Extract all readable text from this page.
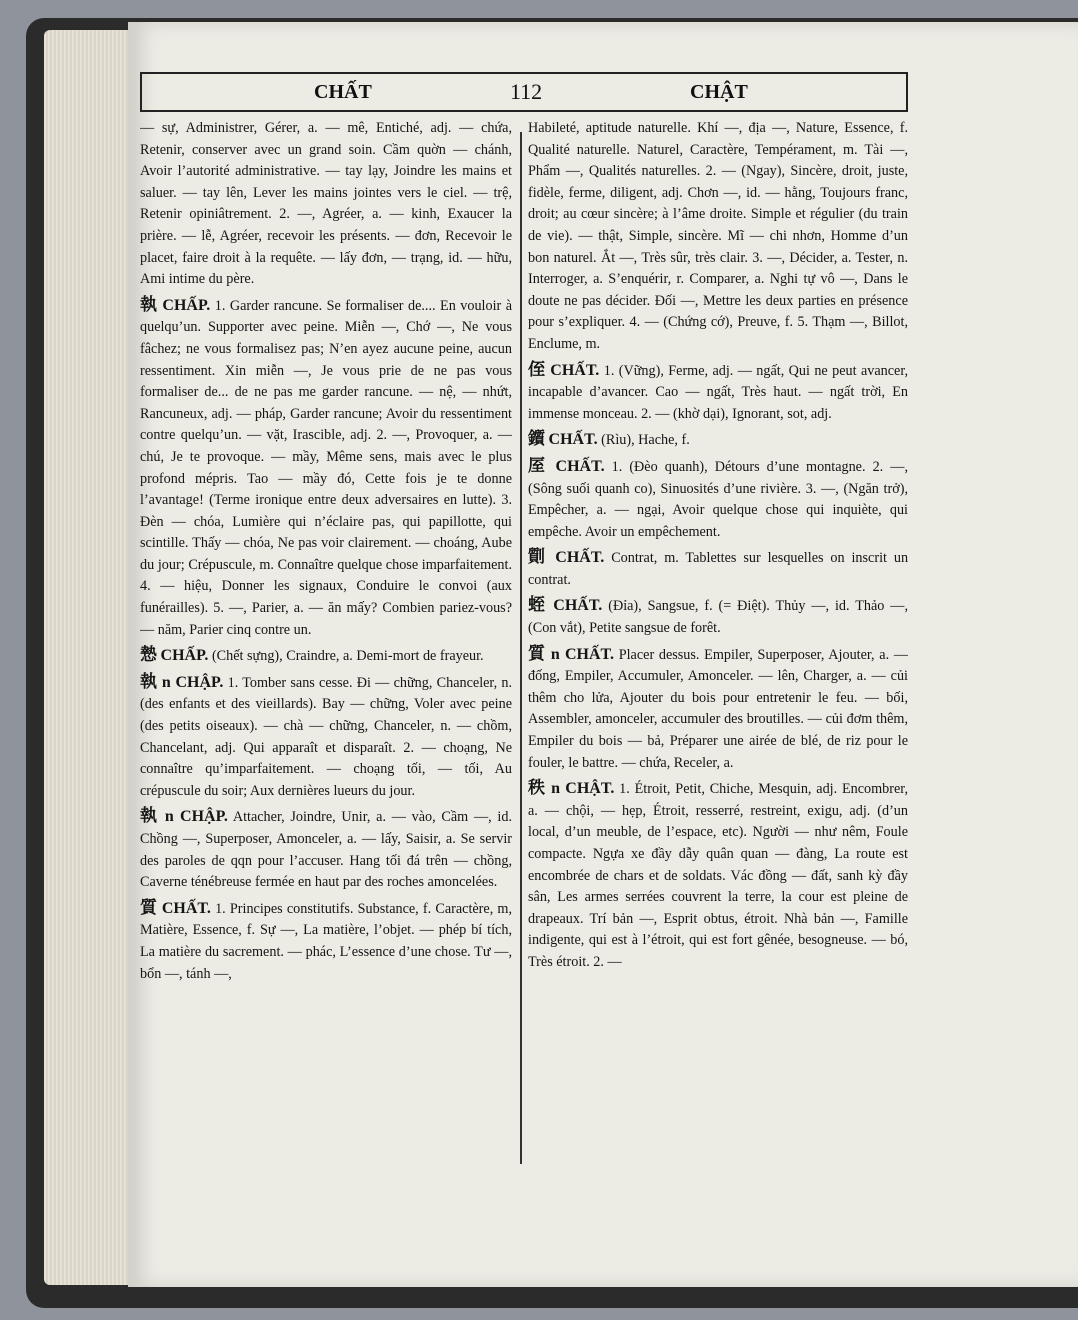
CHẤT	112	CHẬT

— sự, Administrer, Gérer, a. — mê, Entiché, adj. — chứa, Retenir, conserver avec un grand soin. Cầm quờn — chánh, Avoir l’autorité administrative. — tay lạy, Joindre les mains et saluer. — tay lên, Lever les mains jointes vers le ciel. — trệ, Retenir opiniâtrement. 2. —, Agréer, a. — kinh, Exaucer la prière. — lễ, Agréer, recevoir les présents. — đơn, Recevoir le placet, faire droit à la requête. — lấy đơn, — trạng, id. — hữu, Ami intime du père.

執 CHẤP. 1. Garder rancune. Se formaliser de.... En vouloir à quelqu’un. Supporter avec peine. Miễn —, Chớ —, Ne vous fâchez; ne vous formalisez pas; N’en ayez aucune peine, aucun ressentiment. Xin miễn —, Je vous prie de ne pas vous formaliser de... de ne pas me garder rancune. — nệ, — nhứt, Rancuneux, adj. — pháp, Garder rancune; Avoir du ressentiment contre quelqu’un. — vặt, Irascible, adj. 2. —, Provoquer, a. — chú, Je te provoque. — mầy, Même sens, mais avec le plus profond mépris. Tao — mầy đó, Cette fois je te donne l’avantage! (Terme ironique entre deux adversaires en lutte). 3. Đèn — chóa, Lumière qui n’éclaire pas, qui papillotte, qui scintille. Thấy — chóa, Ne pas voir clairement. — choáng, Aube du jour; Crépuscule, m. Connaître quelque chose imparfaitement. 4. — hiệu, Donner les signaux, Conduire le convoi (aux funérailles). 5. —, Parier, a. — ăn mấy? Combien pariez-vous? — năm, Parier cinq contre un.

慹 CHẤP. (Chết sựng), Craindre, a. Demi-mort de frayeur.

執 n CHẬP. 1. Tomber sans cesse. Đi — chững, Chanceler, n. (des enfants et des vieillards). Bay — chững, Voler avec peine (des petits oiseaux). — chà — chững, Chanceler, n. — chồm, Chancelant, adj. Qui apparaît et disparaît. 2. — choạng, Ne connaître qu’imparfaitement. — choạng tối, — tối, Au crépuscule du soir; Aux dernières lueurs du jour.

執 n CHẬP. Attacher, Joindre, Unir, a. — vào, Cầm —, id. Chồng —, Superposer, Amonceler, a. — lấy, Saisir, a. Se servir des paroles de qqn pour l’accuser. Hang tối đá trên — chồng, Caverne ténébreuse fermée en haut par des roches amoncelées.

質 CHẤT. 1. Principes constitutifs. Substance, f. Caractère, m, Matière, Essence, f. Sự —, La matière, l’objet. — phép bí tích, La matière du sacrement. — phác, L’essence d’une chose. Tư —, bổn —, tánh —,

Habileté, aptitude naturelle. Khí —, địa —, Nature, Essence, f. Qualité naturelle. Naturel, Caractère, Tempérament, m. Tài —, Phẩm —, Qualités naturelles. 2. — (Ngay), Sincère, droit, juste, fidèle, ferme, diligent, adj. Chơn —, id. — hằng, Toujours franc, droit; au cœur sincère; à l’âme droite. Simple et régulier (du train de vie). — thật, Simple, sincère. Mĩ — chi nhơn, Homme d’un bon naturel. Ắt —, Très sûr, très clair. 3. —, Décider, a. Tester, n. Interroger, a. S’enquérir, r. Comparer, a. Nghi tự vô —, Dans le doute ne pas décider. Đối —, Mettre les deux parties en présence pour s’expliquer. 4. — (Chứng cớ), Preuve, f. 5. Thạm —, Billot, Enclume, m.

侄 CHẤT. 1. (Vững), Ferme, adj. — ngất, Qui ne peut avancer, incapable d’avancer. Cao — ngất, Très haut. — ngất trời, En immense monceau. 2. — (khờ dại), Ignorant, sot, adj.

鑕 CHẤT. (Rìu), Hache, f.

厔 CHẤT. 1. (Đèo quanh), Détours d’une montagne. 2. —, (Sông suối quanh co), Sinuosités d’une rivière. 3. —, (Ngăn trở), Empêcher, a. — ngại, Avoir quelque chose qui inquiète, qui empêche. Avoir un empêchement.

劕 CHẤT. Contrat, m. Tablettes sur lesquelles on inscrit un contrat.

蛭 CHẤT. (Đỉa), Sangsue, f. (= Điệt). Thủy —, id. Thảo —, (Con vắt), Petite sangsue de forêt.

質 n CHẤT. Placer dessus. Empiler, Superposer, Ajouter, a. — đống, Empiler, Accumuler, Amonceler. — lên, Charger, a. — củi thêm cho lửa, Ajouter du bois pour entretenir le feu. — bối, Assembler, amonceler, accumuler des broutilles. — củi đơm thêm, Empiler du bois — bả, Préparer une airée de blé, de riz pour le fouler, le battre. — chứa, Receler, a.

秩 n CHẬT. 1. Étroit, Petit, Chiche, Mesquin, adj. Encombrer, a. — chội, — hẹp, Étroit, resserré, restreint, exigu, adj. (d’un local, d’un meuble, de l’espace, etc). Người — như nêm, Foule compacte. Ngựa xe đầy dẫy quân quan — đàng, La route est encombrée de chars et de soldats. Vác đồng — đất, sanh kỳ đầy sân, Les armes serrées couvrent la terre, la cour est pleine de drapeaux. Trí bản —, Esprit obtus, étroit. Nhà bản —, Famille indigente, qui est à l’étroit, qui est fort gênée, besogneuse. — bó, Très étroit. 2. —
